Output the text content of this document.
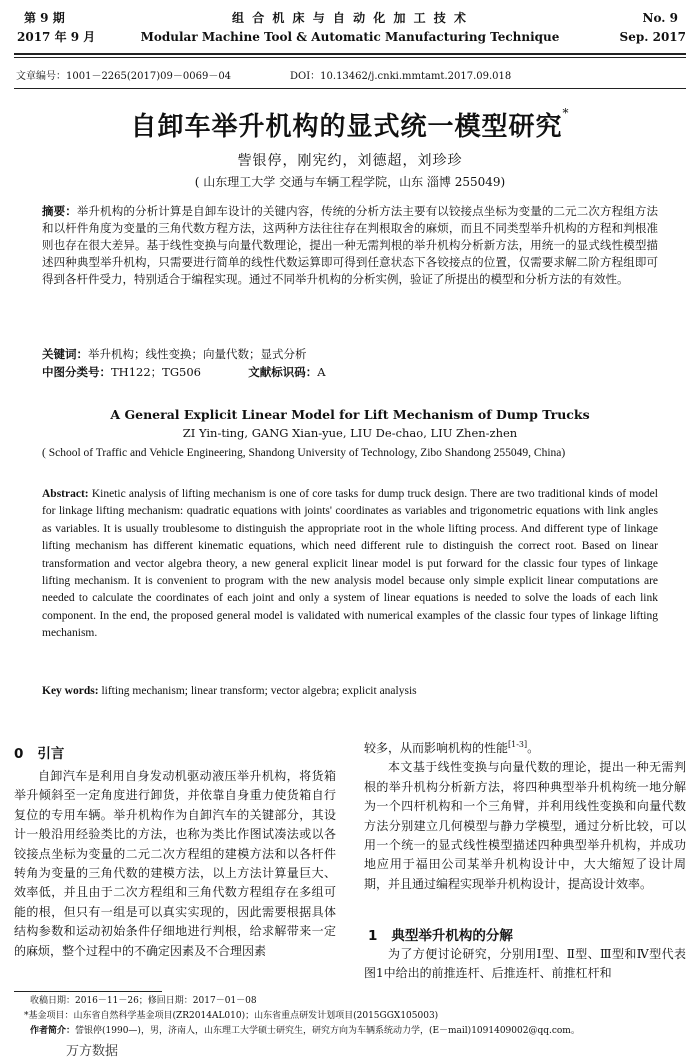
第 9 期
2017 年 9 月
组 合 机 床 与 自 动 化 加 工 技 术
Modular Machine Tool & Automatic Manufacturing Technique
No. 9
Sep. 2017
文章编号：1001－2265(2017)09－0069－04	DOI：10.13462/j.cnki.mmtamt.2017.09.018
自卸车举升机构的显式统一模型研究*
訾银停，刚宪约，刘德超，刘珍珍
( 山东理工大学 交通与车辆工程学院，山东 淄博 255049)
摘要：举升机构的分析计算是自卸车设计的关键内容，传统的分析方法主要有以铰接点坐标为变量的二元二次方程组方法和以杆件角度为变量的三角代数方程方法，这两种方法往往存在判根取舍的麻烦，而且不同类型举升机构的方程和判根准则也存在很大差异。基于线性变换与向量代数理论，提出一种无需判根的举升机构分析新方法，用统一的显式线性模型描述四种典型举升机构，只需要进行简单的线性代数运算即可得到任意状态下各铰接点的位置，仅需要求解二阶方程组即可得到各杆件受力，特别适合于编程实现。通过不同举升机构的分析实例，验证了所提出的模型和分析方法的有效性。
关键词：举升机构；线性变换；向量代数；显式分析
中图分类号：TH122；TG506	文献标识码：A
A General Explicit Linear Model for Lift Mechanism of Dump Trucks
ZI Yin-ting, GANG Xian-yue, LIU De-chao, LIU Zhen-zhen
( School of Traffic and Vehicle Engineering, Shandong University of Technology, Zibo Shandong 255049, China)
Abstract: Kinetic analysis of lifting mechanism is one of core tasks for dump truck design. There are two traditional kinds of model for linkage lifting mechanism: quadratic equations with joints' coordinates as variables and trigonometric equations with link angles as variables. It is usually troublesome to distinguish the appropriate root in the whole lifting process. And different type of linkage lifting mechanism has different kinematic equations, which need different rule to distinguish the correct root. Based on linear transformation and vector algebra theory, a new general explicit linear model is put forward for the classic four types of linkage lifting mechanism. It is convenient to program with the new analysis model because only simple explicit linear computations are needed to calculate the coordinates of each joint and only a system of linear equations is needed to solve the loads of each link component. In the end, the proposed general model is validated with numerical examples of the classic four types of linkage lifting mechanism.
Key words: lifting mechanism; linear transform; vector algebra; explicit analysis
0 引言

自卸汽车是利用自身发动机驱动液压举升机构，将货箱举升倾斜至一定角度进行卸货，并依靠自身重力使货箱自行复位的专用车辆。举升机构作为自卸汽车的关键部分，其设计一般沿用经验类比的方法，也称为类比作图试凑法或以各铰接点坐标为变量的二元二次方程组的建模方法和以各杆件转角为变量的三角代数的建模方法，以上方法计算量巨大、效率低，并且由于二次方程组和三角代数方程组存在多组可能的根，但只有一组是可以真实实现的，因此需要根据具体结构参数和运动初始条件仔细地进行判根，给求解带来一定的麻烦，整个过程中的不确定因素及不合理因素

较多，从而影响机构的性能[1-3]。

本文基于线性变换与向量代数的理论，提出一种无需判根的举升机构分析新方法，将四种典型举升机构统一地分解为一个四杆机构和一个三角臂，并利用线性变换和向量代数方法分别建立几何模型与静力学模型，通过分析比较，可以用一个统一的显式线性模型描述四种典型举升机构，并成功地应用于福田公司某举升机构设计中，大大缩短了设计周期，并且通过编程实现举升机构设计，提高设计效率。

1 典型举升机构的分解

为了方便讨论研究，分别用Ⅰ型、Ⅱ型、Ⅲ型和Ⅳ型代表图1中给出的前推连杆、后推连杆、前推杠杆和

收稿日期：2016－11－26；修回日期：2017－01－08
*基金项目：山东省自然科学基金项目(ZR2014AL010)；山东省重点研发计划项目(2015GGX105003)
作者简介：訾银停(1990—)，男，济南人，山东理工大学硕士研究生，研究方向为车辆系统动力学，(E－mail)1091409002@qq.com。
万方数据
